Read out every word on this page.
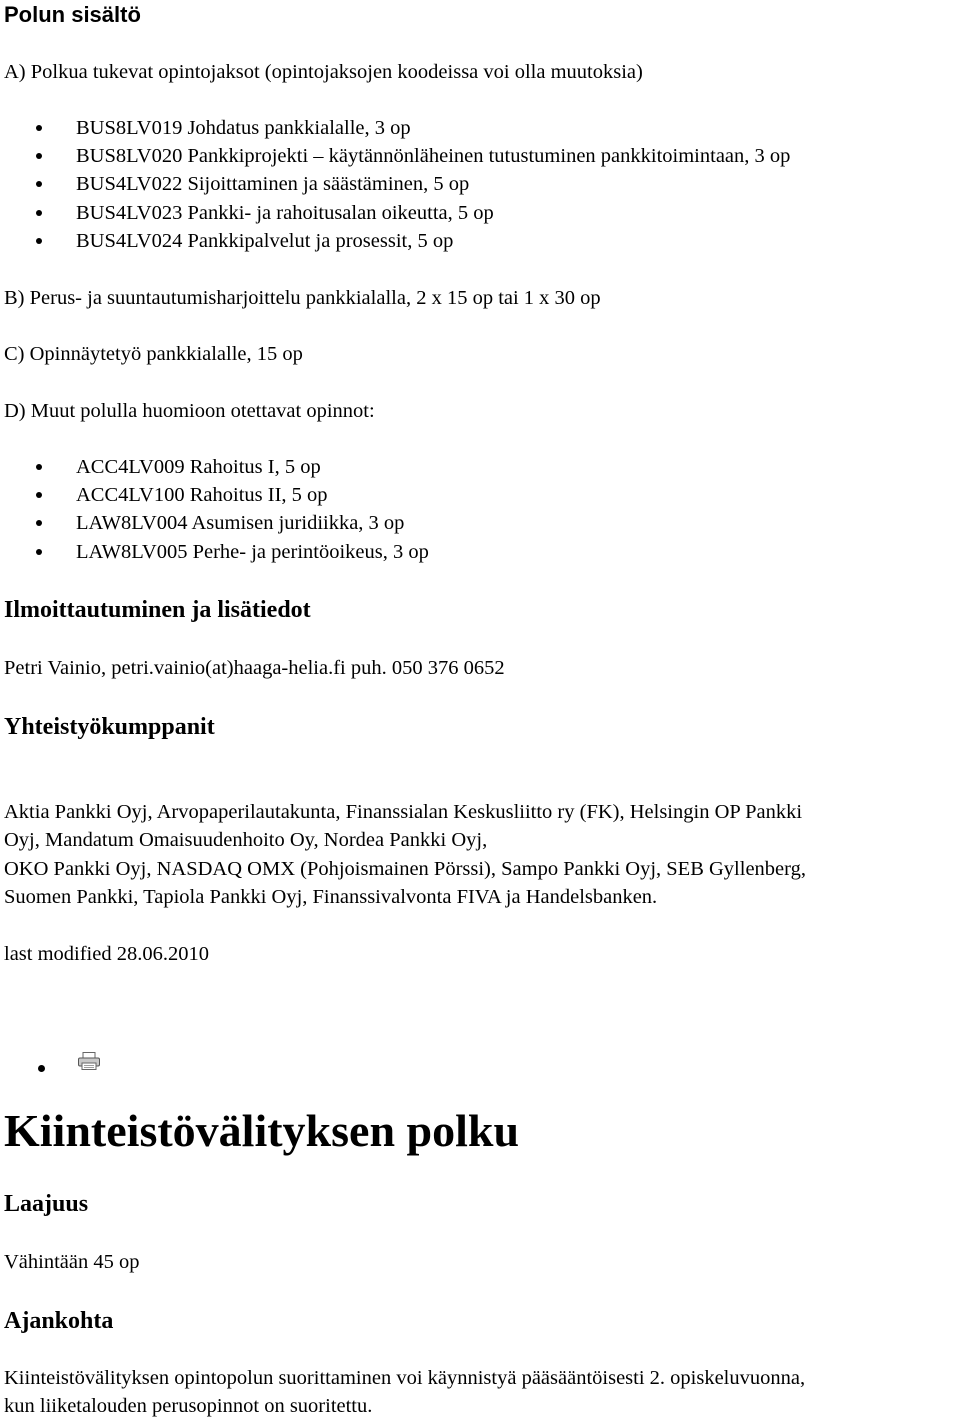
Polun sisältö
A) Polkua tukevat opintojaksot (opintojaksojen koodeissa voi olla muutoksia)
BUS8LV019 Johdatus pankkialalle, 3 op
BUS8LV020 Pankkiprojekti – käytännönläheinen tutustuminen pankkitoimintaan, 3 op
BUS4LV022 Sijoittaminen ja säästäminen, 5 op
BUS4LV023 Pankki- ja rahoitusalan oikeutta, 5 op
BUS4LV024 Pankkipalvelut ja prosessit, 5 op
B) Perus- ja suuntautumisharjoittelu pankkialalla, 2 x 15 op tai 1 x 30 op
C) Opinnäytetyö pankkialalle, 15 op
D) Muut polulla huomioon otettavat opinnot:
ACC4LV009 Rahoitus I, 5 op
ACC4LV100 Rahoitus II, 5 op
LAW8LV004 Asumisen juridiikka, 3 op
LAW8LV005 Perhe- ja perintöoikeus, 3 op
Ilmoittautuminen ja lisätiedot
Petri Vainio, petri.vainio(at)haaga-helia.fi puh. 050 376 0652
Yhteistyökumppanit
Aktia Pankki Oyj, Arvopaperilautakunta, Finanssialan Keskusliitto ry (FK), Helsingin OP Pankki
Oyj, Mandatum Omaisuudenhoito Oy, Nordea Pankki Oyj,
OKO Pankki Oyj, NASDAQ OMX (Pohjoismainen Pörssi), Sampo Pankki Oyj, SEB Gyllenberg,
Suomen Pankki, Tapiola Pankki Oyj, Finanssivalvonta FIVA ja Handelsbanken.
last modified 28.06.2010
Kiinteistövälityksen polku
Laajuus
Vähintään 45 op
Ajankohta
Kiinteistövälityksen opintopolun suorittaminen voi käynnistyä pääsääntöisesti 2. opiskeluvuonna,
kun liiketalouden perusopinnot on suoritettu.
